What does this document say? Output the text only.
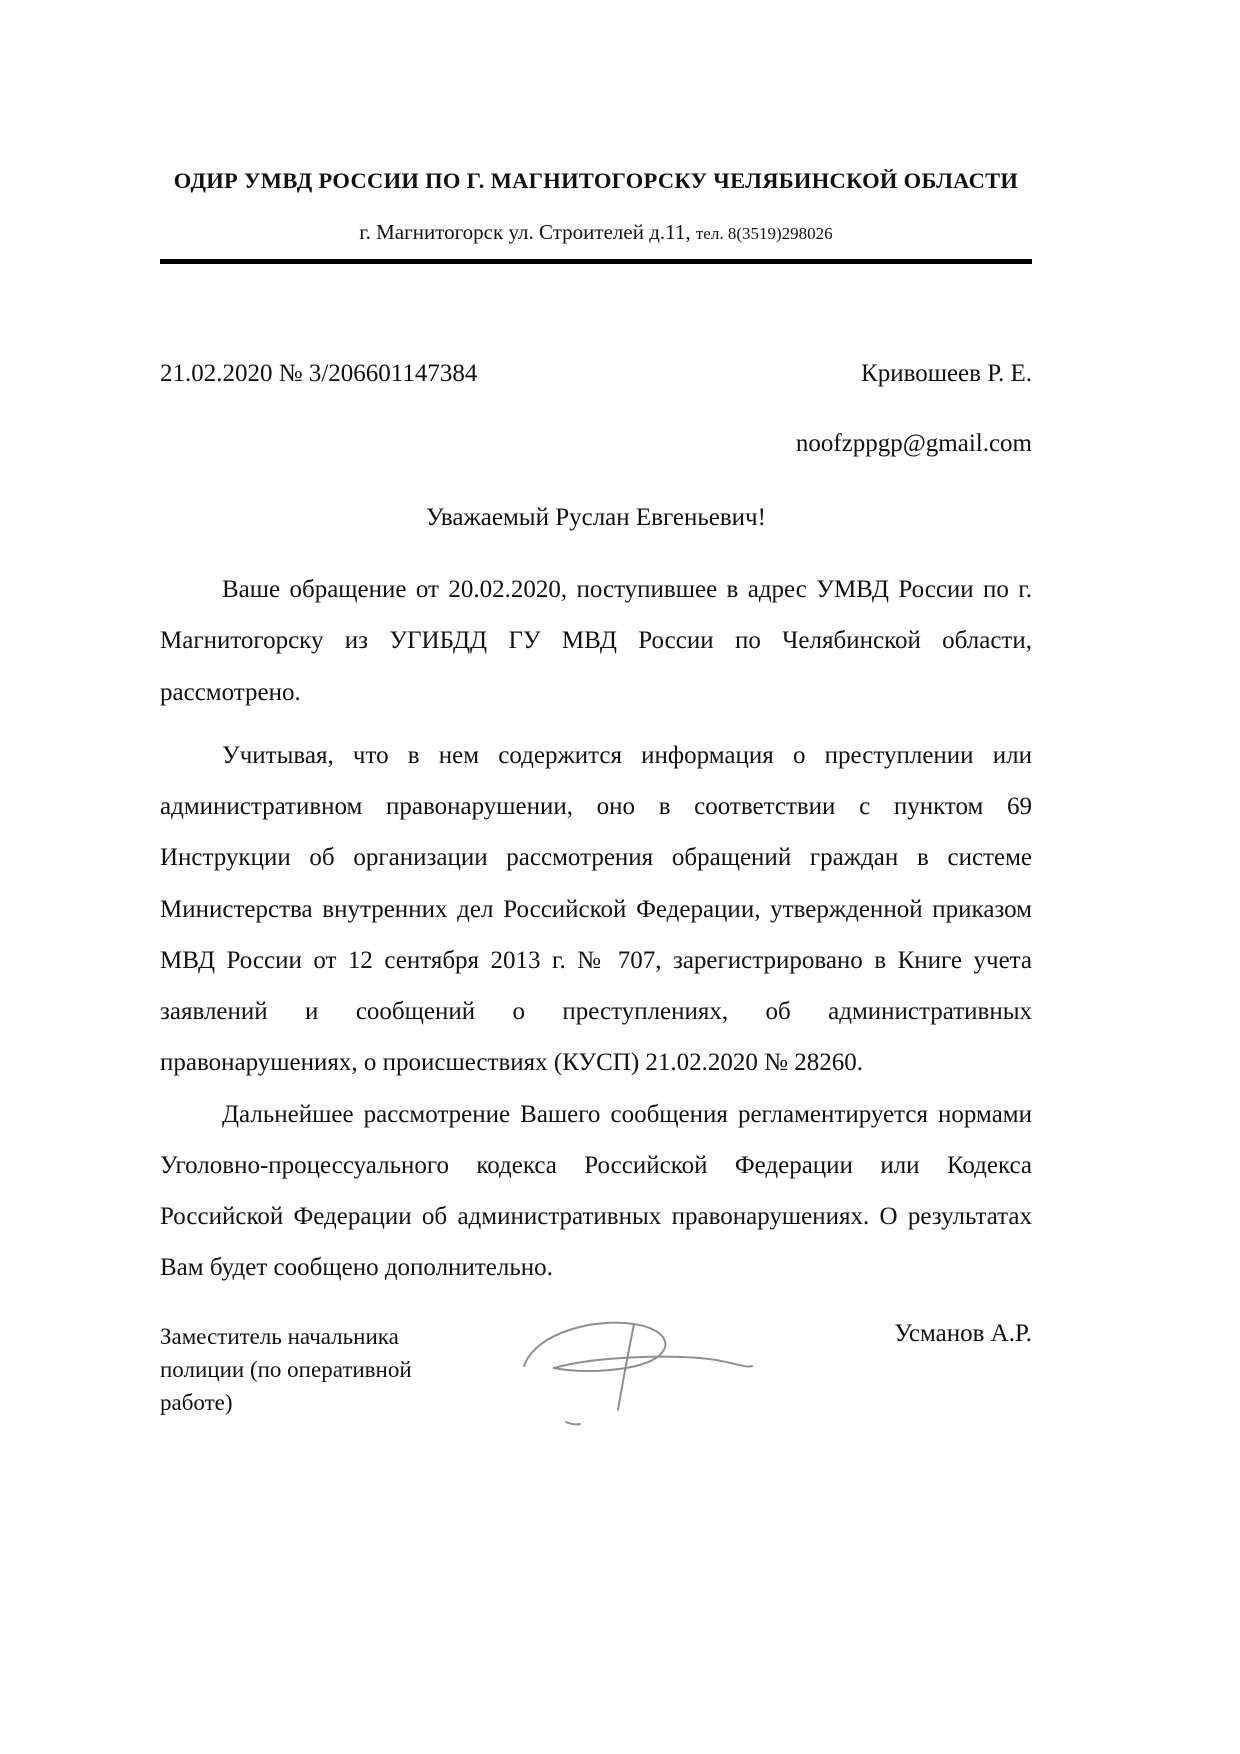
ОДИР УМВД РОССИИ ПО Г. МАГНИТОГОРСКУ ЧЕЛЯБИНСКОЙ ОБЛАСТИ
г. Магнитогорск ул. Строителей д.11, тел. 8(3519)298026
21.02.2020 № 3/206601147384	Кривошеев Р. Е.
noofzppgp@gmail.com
Уважаемый Руслан Евгеньевич!

Ваше обращение от 20.02.2020, поступившее в адрес УМВД России по г. Магнитогорску из УГИБДД ГУ МВД России по Челябинской области, рассмотрено.

Учитывая, что в нем содержится информация о преступлении или административном правонарушении, оно в соответствии с пунктом 69 Инструкции об организации рассмотрения обращений граждан в системе Министерства внутренних дел Российской Федерации, утвержденной приказом МВД России от 12 сентября 2013 г. № 707, зарегистрировано в Книге учета заявлений и сообщений о преступлениях, об административных правонарушениях, о происшествиях (КУСП) 21.02.2020 № 28260.

Дальнейшее рассмотрение Вашего сообщения регламентируется нормами Уголовно-процессуального кодекса Российской Федерации или Кодекса Российской Федерации об административных правонарушениях. О результатах Вам будет сообщено дополнительно.

Заместитель начальника полиции (по оперативной работе)
Усманов А.Р.
